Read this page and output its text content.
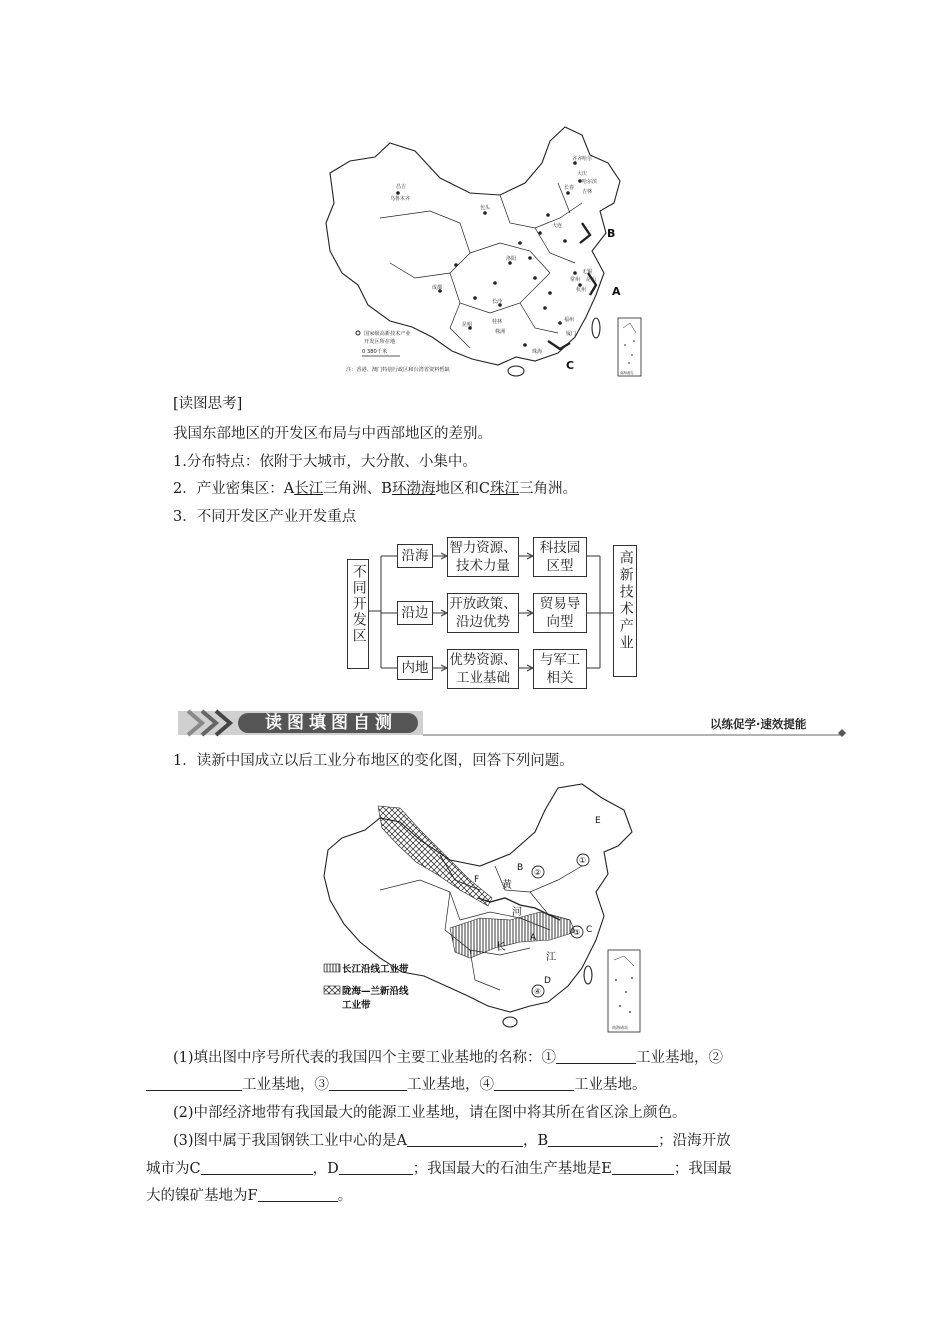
齐齐哈尔
大庆
哈尔滨
长春
吉林
昌吉
乌鲁木齐
包头
大连
洛阳
成都
长沙
昆明	桂林
株洲
杭州
福州
厦门
无锡
常州 昆山
珠海
A
B
C
国家级高新技术产业
开发区所在地
0 380千米
注：香港、澳门特别行政区和台湾省资料暂缺	南海诸岛
[读图思考]
我国东部地区的开发区布局与中西部地区的差别。
1.分布特点：依附于大城市，大分散、小集中。
2．产业密集区：A长江三角洲、B环渤海地区和C珠江三角洲。
3．不同开发区产业开发重点
不同开发区
沿海
沿边
内地
智力资源、
技术力量
开放政策、
沿边优势
优势资源、
工业基础
科技园
区型
贸易导
向型
与军工
相关
高新技术产业
读图填图自测	以练促学·速效提能
1．读新中国成立以后工业分布地区的变化图，回答下列问题。
E
①
B ②
F 黄
河
A
③ C
长
江
D
④
长江沿线工业带
陇海—兰新沿线
工业带
南海诸岛
(1)填出图中序号所代表的我国四个主要工业基地的名称：①	工业基地，②
工业基地，③	工业基地，④	工业基地。
(2)中部经济地带有我国最大的能源工业基地，请在图中将其所在省区涂上颜色。
(3)图中属于我国钢铁工业中心的是A	，B	；沿海开放
城市为C	，D	；我国最大的石油生产基地是E	；我国最
大的镍矿基地为F	。
